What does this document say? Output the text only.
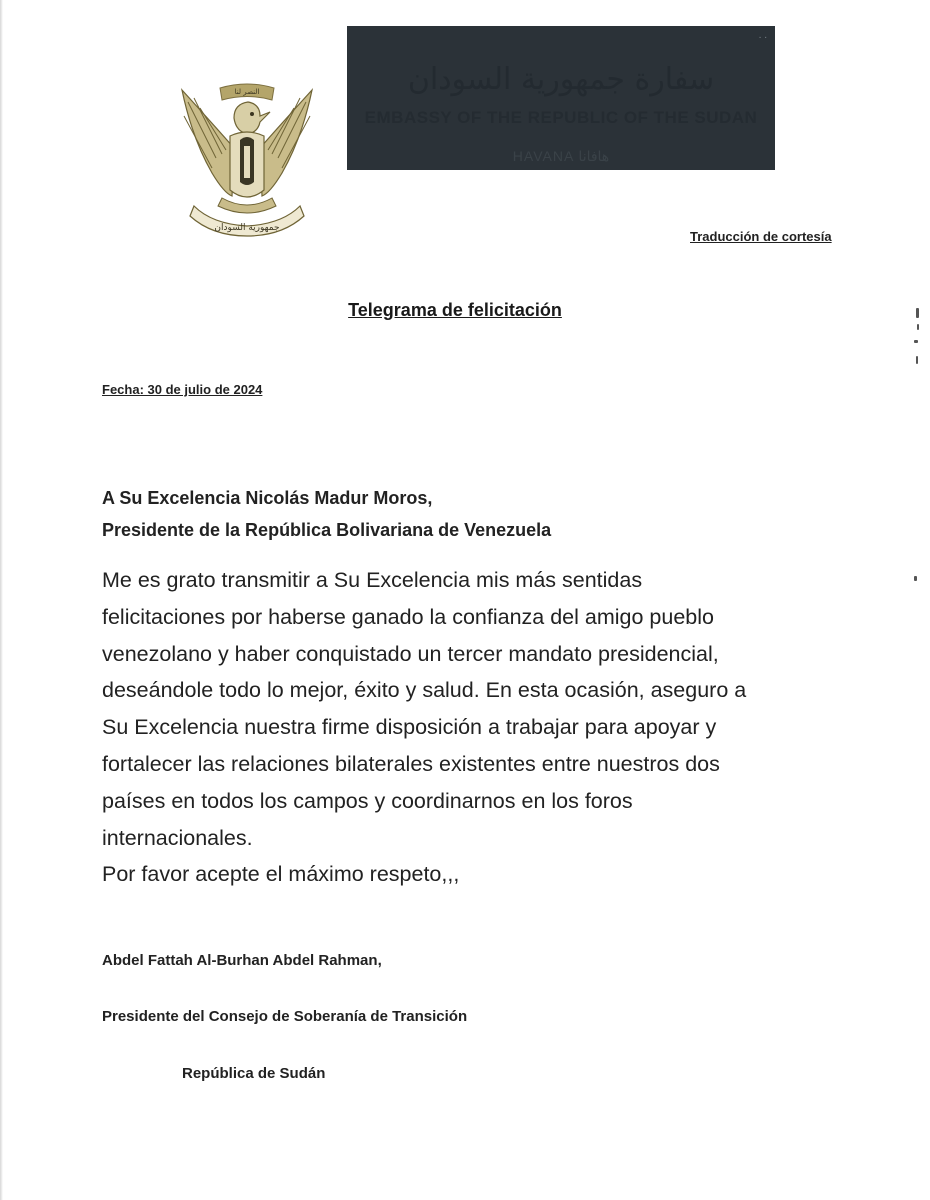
جمهورية السودان
النصر لنا
∙ ∙
سفارة جمهورية السودان
EMBASSY OF THE REPUBLIC OF THE SUDAN
HAVANA هافانا
Traducción de cortesía
Telegrama de felicitación
Fecha: 30 de julio de 2024
A Su Excelencia Nicolás Madur Moros,
Presidente de la República Bolivariana de Venezuela

Me es grato transmitir a Su Excelencia mis más sentidas

felicitaciones por haberse ganado la confianza del amigo pueblo

venezolano y haber conquistado un tercer mandato presidencial,

deseándole todo lo mejor, éxito y salud. En esta ocasión, aseguro a

Su Excelencia nuestra firme disposición a trabajar para apoyar y

fortalecer las relaciones bilaterales existentes entre nuestros dos

países en todos los campos y coordinarnos en los foros

internacionales.

Por favor acepte el máximo respeto,,,

Abdel Fattah Al-Burhan Abdel Rahman,
Presidente del Consejo de Soberanía de Transición
República de Sudán
